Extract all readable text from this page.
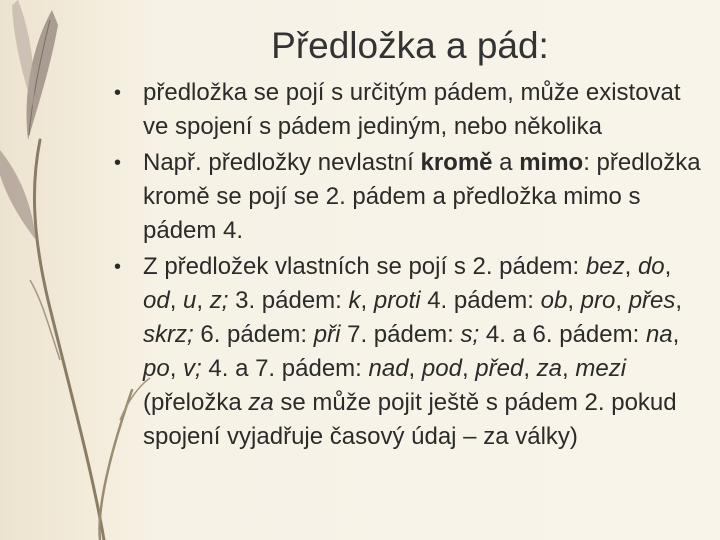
Předložka a pád:
• předložka se pojí s určitým pádem, může existovat ve spojení s pádem jediným, nebo několika
• Např. předložky nevlastní kromě a mimo: předložka kromě se pojí se 2. pádem a předložka mimo s pádem 4.
• Z předložek vlastních se pojí s 2. pádem: bez, do, od, u, z; 3. pádem: k, proti 4. pádem: ob, pro, přes, skrz; 6. pádem: při 7. pádem: s; 4. a 6. pádem: na, po, v; 4. a 7. pádem: nad, pod, před, za, mezi (přeložka za se může pojit ještě s pádem 2. pokud spojení vyjadřuje časový údaj – za války)
